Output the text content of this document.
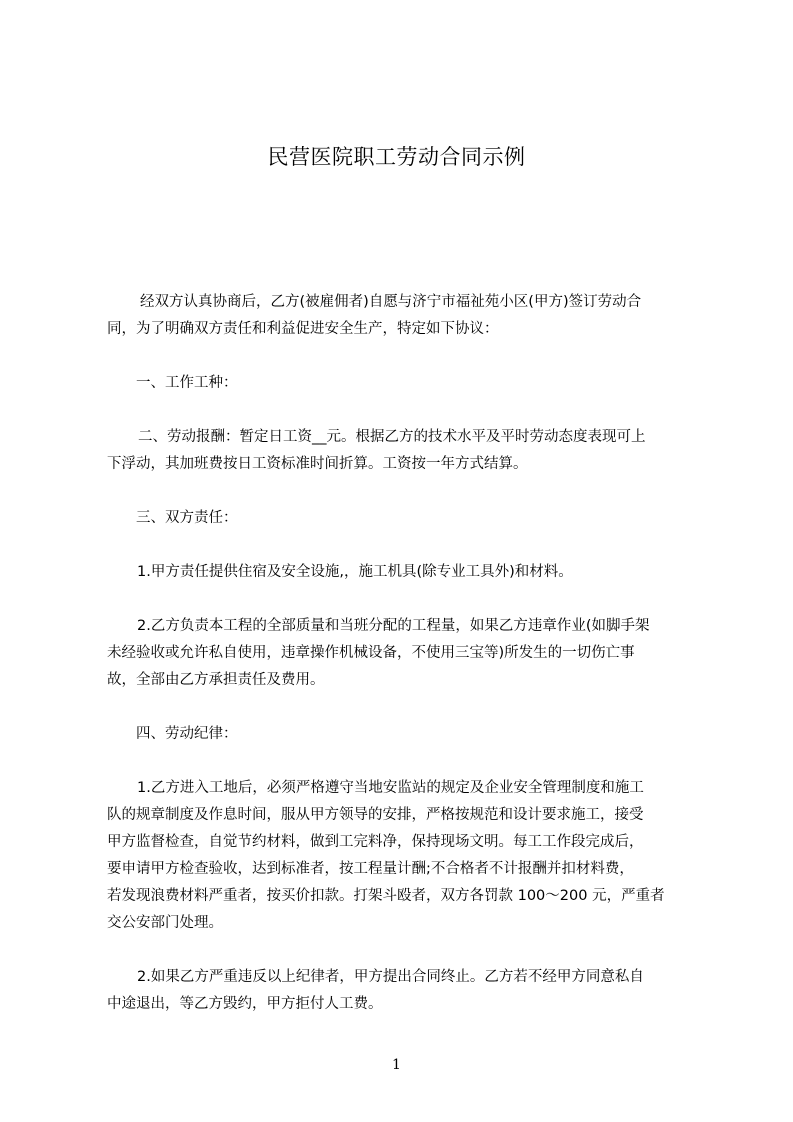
民营医院职工劳动合同示例
经双方认真协商后，乙方(被雇佣者)自愿与济宁市福祉苑小区(甲方)签订劳动合
同，为了明确双方责任和利益促进安全生产，特定如下协议：
一、工作工种：
二、劳动报酬：暂定日工资__元。根据乙方的技术水平及平时劳动态度表现可上
下浮动，其加班费按日工资标准时间折算。工资按一年方式结算。
三、双方责任：
1.甲方责任提供住宿及安全设施,，施工机具(除专业工具外)和材料。
2.乙方负责本工程的全部质量和当班分配的工程量，如果乙方违章作业(如脚手架
未经验收或允许私自使用，违章操作机械设备，不使用三宝等)所发生的一切伤亡事
故，全部由乙方承担责任及费用。
四、劳动纪律：
1.乙方进入工地后，必须严格遵守当地安监站的规定及企业安全管理制度和施工
队的规章制度及作息时间，服从甲方领导的安排，严格按规范和设计要求施工，接受
甲方监督检查，自觉节约材料，做到工完料净，保持现场文明。每工工作段完成后，
要申请甲方检查验收，达到标准者，按工程量计酬;不合格者不计报酬并扣材料费，
若发现浪费材料严重者，按买价扣款。打架斗殴者，双方各罚款 100～200 元，严重者
交公安部门处理。
2.如果乙方严重违反以上纪律者，甲方提出合同终止。乙方若不经甲方同意私自
中途退出，等乙方毁约，甲方拒付人工费。
1
